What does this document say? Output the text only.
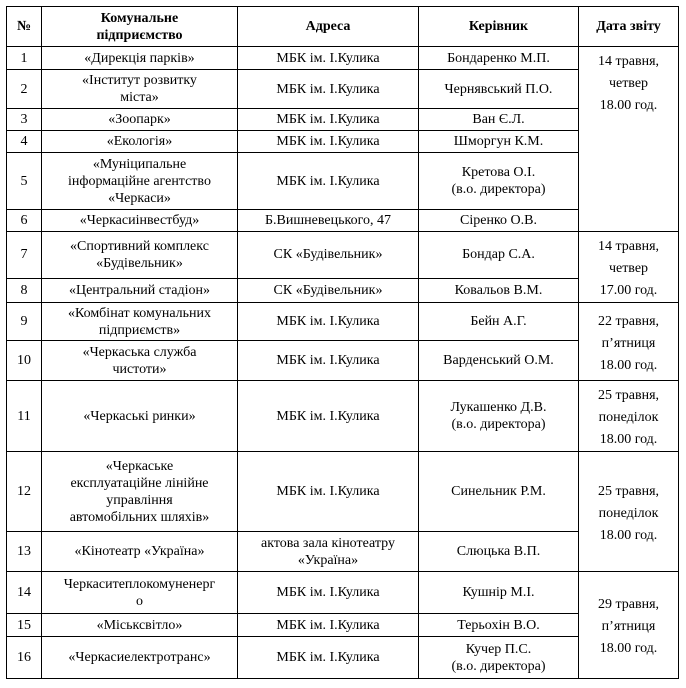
№	Комунальне
підприємство	Адреса	Керівник	Дата звіту
1	«Дирекція парків»	МБК ім. І.Кулика	Бондаренко М.П.	14 травня,
четвер
18.00 год.

2	«Інститут розвитку
міста»	МБК ім. І.Кулика	Чернявський П.О.	

3	«Зоопарк»	МБК ім. І.Кулика	Ван Є.Л.	

4	«Екологія»	МБК ім. І.Кулика	Шморгун К.М.	

5	«Муніципальне
інформаційне агентство
«Черкаси»	МБК ім. І.Кулика	Кретова О.І.
(в.о. директора)	

6	«Черкасиінвестбуд»	Б.Вишневецького, 47	Сіренко О.В.	

7	«Спортивний комплекс
«Будівельник»	СК «Будівельник»	Бондар С.А.	14 травня,
четвер
17.00 год.

8	«Центральний стадіон»	СК «Будівельник»	Ковальов В.М.	

9	«Комбінат комунальних
підприємств»	МБК ім. І.Кулика	Бейн А.Г.	22 травня,
п’ятниця
18.00 год.

10	«Черкаська служба
чистоти»	МБК ім. І.Кулика	Варденський О.М.	

11	«Черкаські ринки»	МБК ім. І.Кулика	Лукашенко Д.В.
(в.о. директора)	25 травня,
понеділок
18.00 год.

12	«Черкаське
експлуатаційне лінійне
управління
автомобільних шляхів»	МБК ім. І.Кулика	Синельник Р.М.	25 травня,
понеділок
18.00 год.

13	«Кінотеатр «Україна»	актова зала кінотеатру
«Україна»	Слюцька В.П.	

14	Черкаситеплокомуненерг
о	МБК ім. І.Кулика	Кушнір М.І.	29 травня,
п’ятниця
18.00 год.

15	«Міськсвітло»	МБК ім. І.Кулика	Терьохін В.О.	

16	«Черкасиелектротранс»	МБК ім. І.Кулика	Кучер П.С.
(в.о. директора)	
